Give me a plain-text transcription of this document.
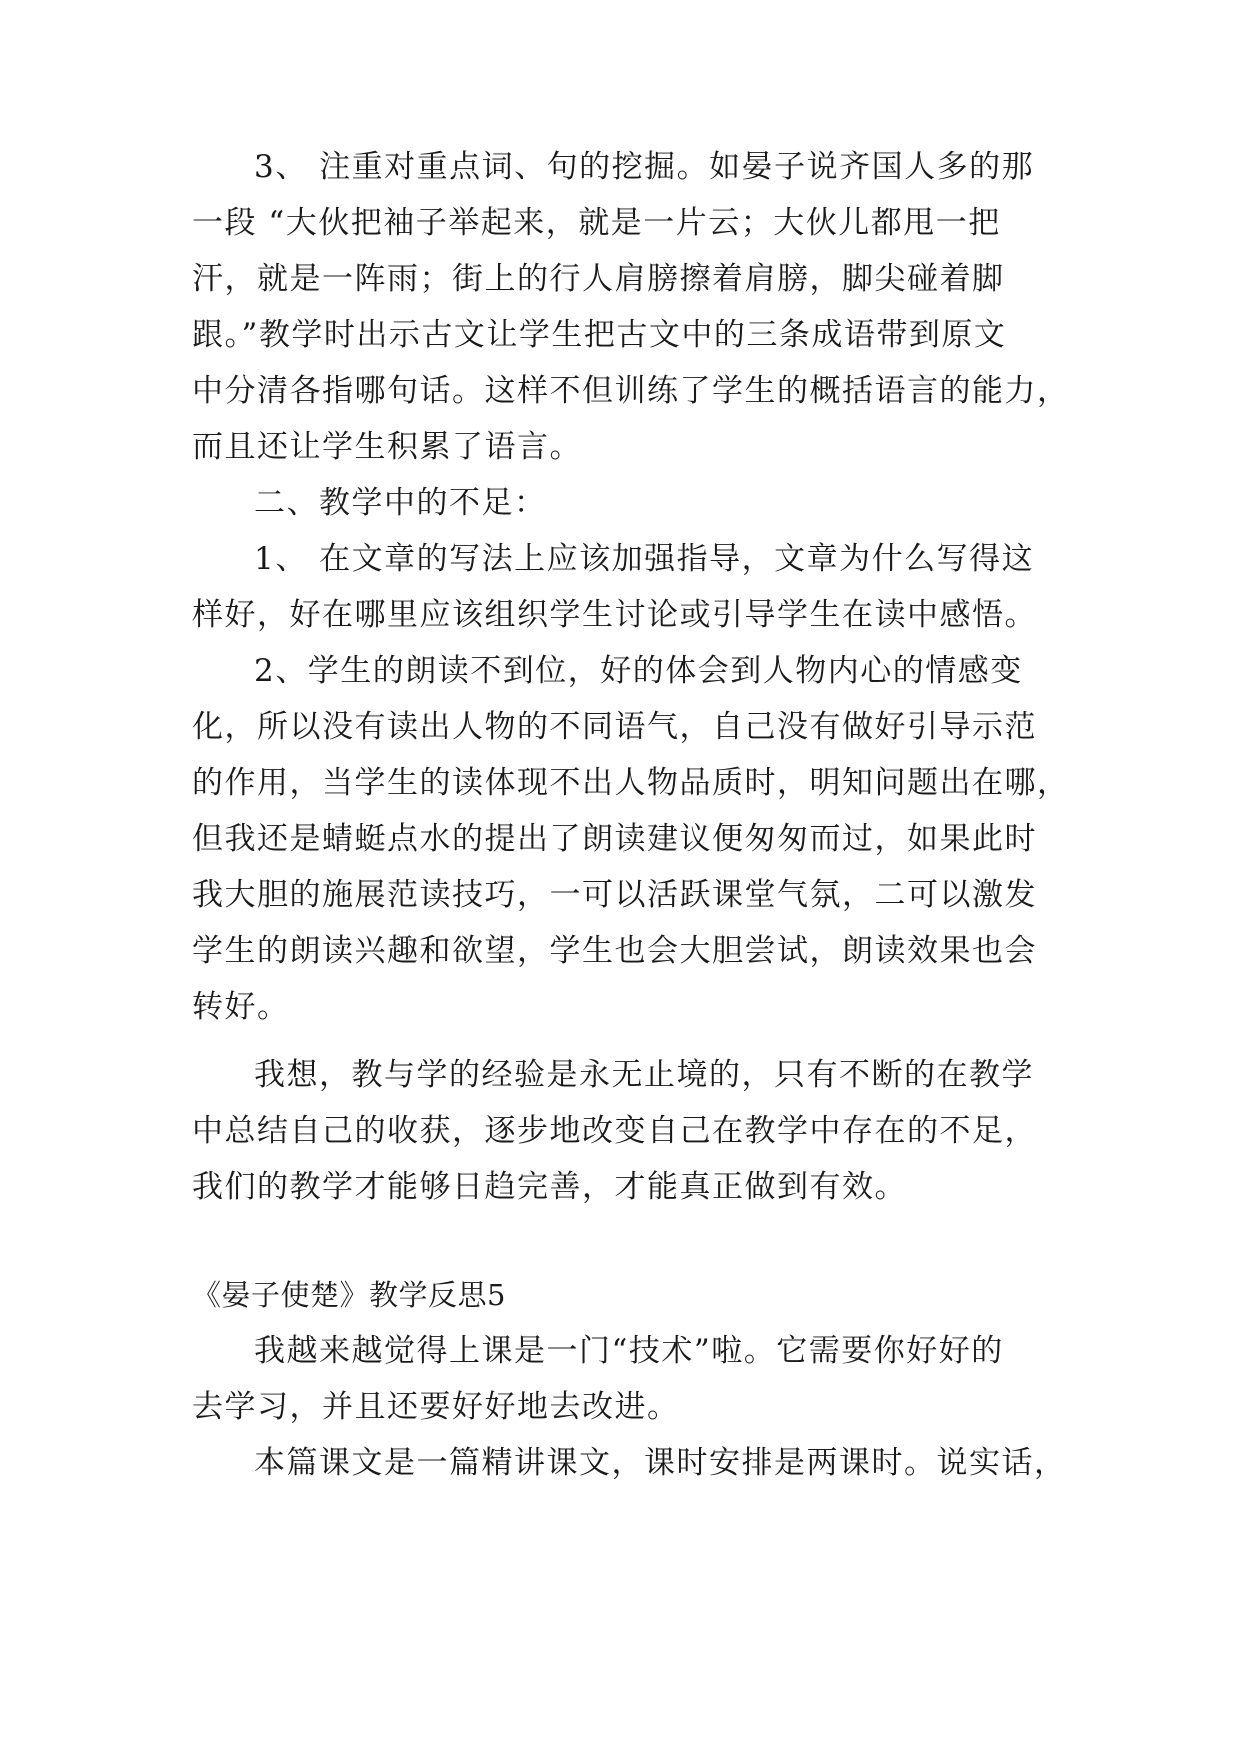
3、 注重对重点词、句的挖掘。如晏子说齐国人多的那
一段 “大伙把袖子举起来，就是一片云；大伙儿都甩一把
汗，就是一阵雨；街上的行人肩膀擦着肩膀，脚尖碰着脚
跟。”教学时出示古文让学生把古文中的三条成语带到原文
中分清各指哪句话。这样不但训练了学生的概括语言的能力，
而且还让学生积累了语言。
二、教学中的不足：
1、 在文章的写法上应该加强指导，文章为什么写得这
样好，好在哪里应该组织学生讨论或引导学生在读中感悟。
2、学生的朗读不到位，好的体会到人物内心的情感变
化，所以没有读出人物的不同语气，自己没有做好引导示范
的作用，当学生的读体现不出人物品质时，明知问题出在哪，
但我还是蜻蜓点水的提出了朗读建议便匆匆而过，如果此时
我大胆的施展范读技巧，一可以活跃课堂气氛，二可以激发
学生的朗读兴趣和欲望，学生也会大胆尝试，朗读效果也会
转好。
我想，教与学的经验是永无止境的，只有不断的在教学
中总结自己的收获，逐步地改变自己在教学中存在的不足，
我们的教学才能够日趋完善，才能真正做到有效。
《晏子使楚》教学反思5
我越来越觉得上课是一门“技术”啦。它需要你好好的
去学习，并且还要好好地去改进。
本篇课文是一篇精讲课文，课时安排是两课时。说实话，
